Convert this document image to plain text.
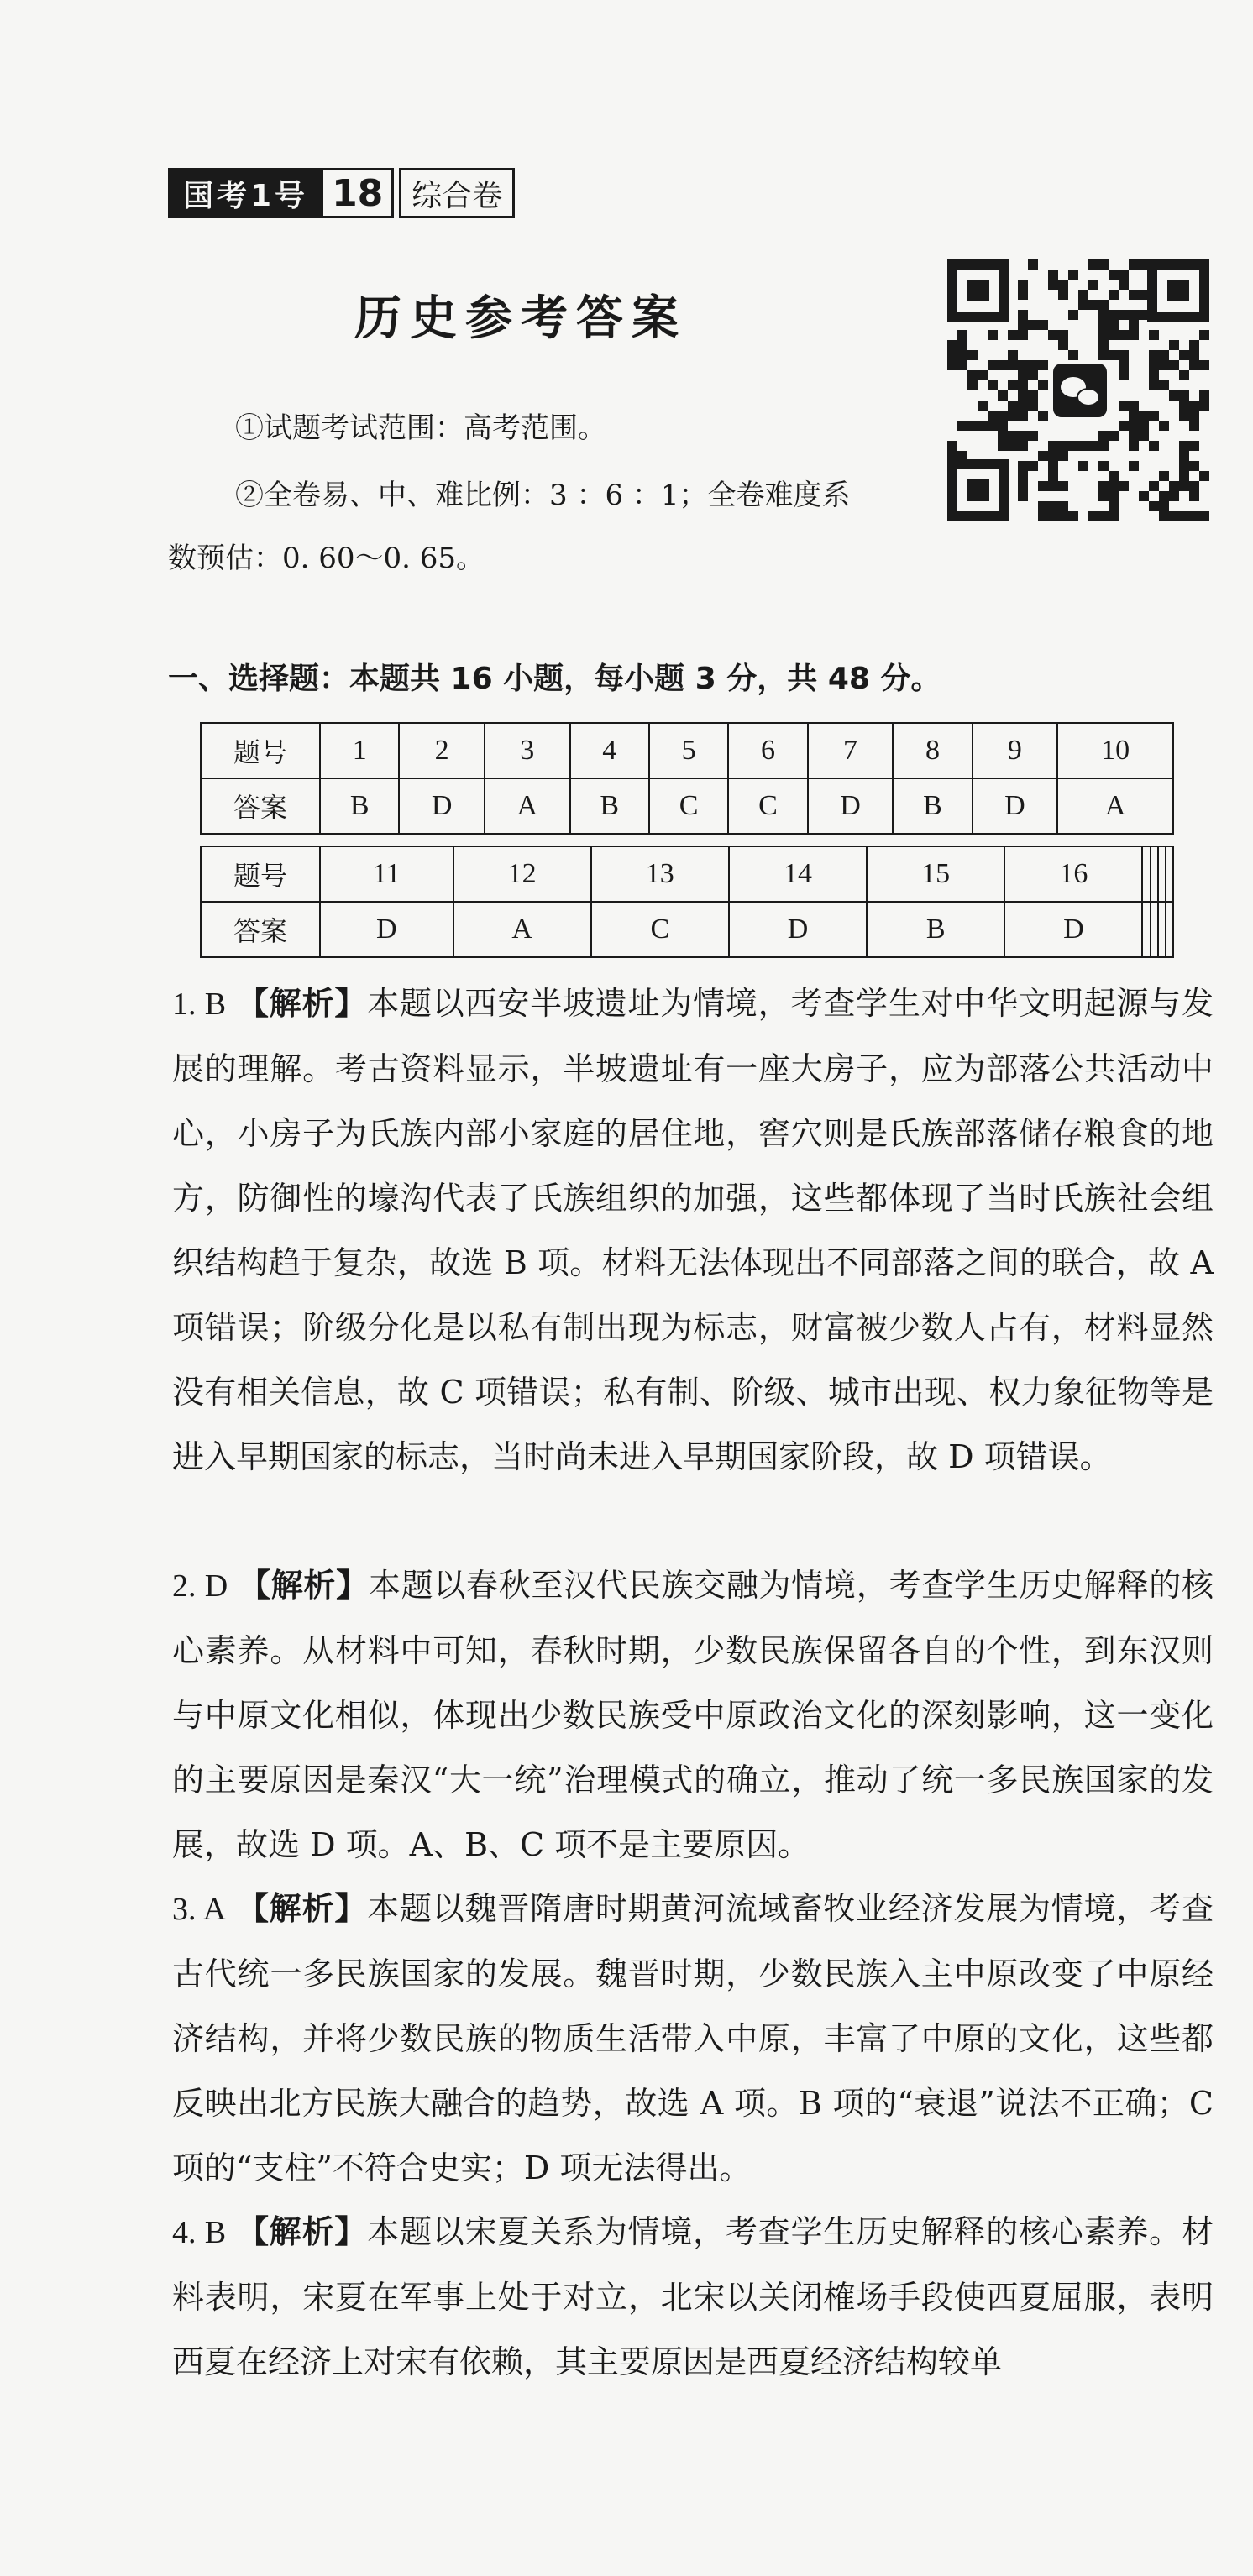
国考1号 18 综合卷
历史参考答案
①试题考试范围：高考范围。
②全卷易、中、难比例：3 ：6 ：1；全卷难度系
数预估：0. 60～0. 65。
一、选择题：本题共 16 小题，每小题 3 分，共 48 分。
题号	1	2	3	4	5	6	7	8	9	10
答案	B	D	A	B	C	C	D	B	D	A
题号	11	12	13	14	15	16				
答案	D	A	C	D	B	D				
1. B 【解析】本题以西安半坡遗址为情境，考查学生对中华文明起源与发展的理解。考古资料显示，半坡遗址有一座大房子，应为部落公共活动中心，小房子为氏族内部小家庭的居住地，窖穴则是氏族部落储存粮食的地方，防御性的壕沟代表了氏族组织的加强，这些都体现了当时氏族社会组织结构趋于复杂，故选 B 项。材料无法体现出不同部落之间的联合，故 A 项错误；阶级分化是以私有制出现为标志，财富被少数人占有，材料显然没有相关信息，故 C 项错误；私有制、阶级、城市出现、权力象征物等是进入早期国家的标志，当时尚未进入早期国家阶段，故 D 项错误。
2. D 【解析】本题以春秋至汉代民族交融为情境，考查学生历史解释的核心素养。从材料中可知，春秋时期，少数民族保留各自的个性，到东汉则与中原文化相似，体现出少数民族受中原政治文化的深刻影响，这一变化的主要原因是秦汉“大一统”治理模式的确立，推动了统一多民族国家的发展，故选 D 项。A、B、C 项不是主要原因。
3. A 【解析】本题以魏晋隋唐时期黄河流域畜牧业经济发展为情境，考查古代统一多民族国家的发展。魏晋时期，少数民族入主中原改变了中原经济结构，并将少数民族的物质生活带入中原，丰富了中原的文化，这些都反映出北方民族大融合的趋势，故选 A 项。B 项的“衰退”说法不正确；C 项的“支柱”不符合史实；D 项无法得出。
4. B 【解析】本题以宋夏关系为情境，考查学生历史解释的核心素养。材料表明，宋夏在军事上处于对立，北宋以关闭榷场手段使西夏屈服，表明西夏在经济上对宋有依赖，其主要原因是西夏经济结构较单
